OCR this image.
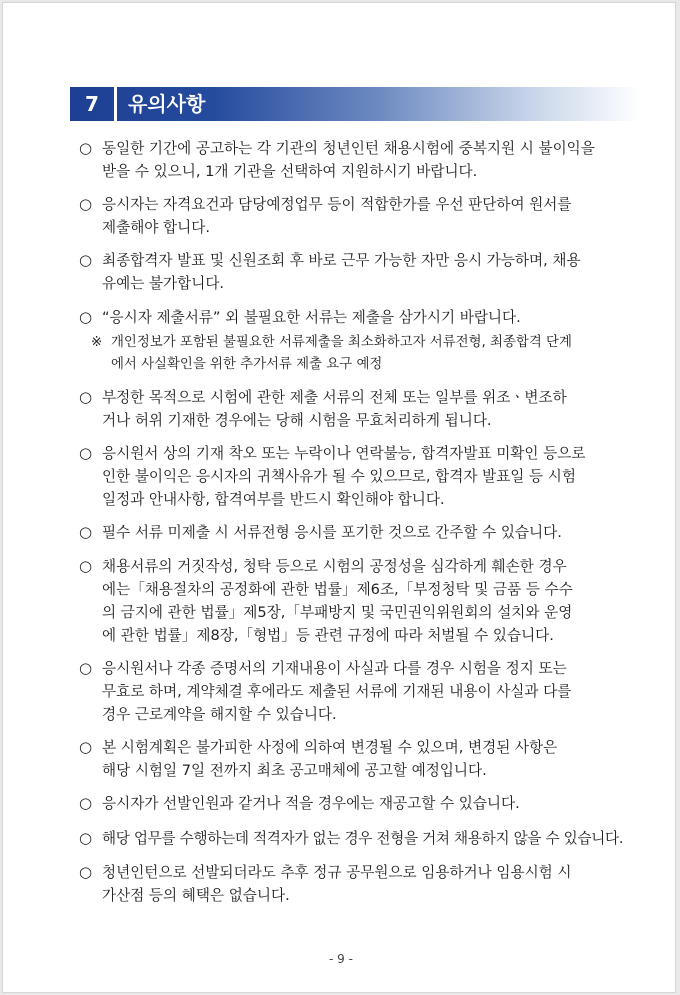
7	유의사항
○ 동일한 기간에 공고하는 각 기관의 청년인턴 채용시험에 중복지원 시 불이익을
받을 수 있으니, 1개 기관을 선택하여 지원하시기 바랍니다.
○ 응시자는 자격요건과 담당예정업무 등이 적합한가를 우선 판단하여 원서를
제출해야 합니다.
○ 최종합격자 발표 및 신원조회 후 바로 근무 가능한 자만 응시 가능하며, 채용
유예는 불가합니다.
○ “응시자 제출서류” 외 불필요한 서류는 제출을 삼가시기 바랍니다.
※ 개인정보가 포함된 불필요한 서류제출을 최소화하고자 서류전형, 최종합격 단계
에서 사실확인을 위한 추가서류 제출 요구 예정
○ 부정한 목적으로 시험에 관한 제출 서류의 전체 또는 일부를 위조ㆍ변조하
거나 허위 기재한 경우에는 당해 시험을 무효처리하게 됩니다.
○ 응시원서 상의 기재 착오 또는 누락이나 연락불능, 합격자발표 미확인 등으로
인한 불이익은 응시자의 귀책사유가 될 수 있으므로, 합격자 발표일 등 시험
일정과 안내사항, 합격여부를 반드시 확인해야 합니다.
○ 필수 서류 미제출 시 서류전형 응시를 포기한 것으로 간주할 수 있습니다.
○ 채용서류의 거짓작성, 청탁 등으로 시험의 공정성을 심각하게 훼손한 경우
에는「채용절차의 공정화에 관한 법률」제6조,「부정청탁 및 금품 등 수수
의 금지에 관한 법률」제5장,「부패방지 및 국민권익위원회의 설치와 운영
에 관한 법률」제8장,「형법」등 관련 규정에 따라 처벌될 수 있습니다.
○ 응시원서나 각종 증명서의 기재내용이 사실과 다를 경우 시험을 정지 또는
무효로 하며, 계약체결 후에라도 제출된 서류에 기재된 내용이 사실과 다를
경우 근로계약을 해지할 수 있습니다.
○ 본 시험계획은 불가피한 사정에 의하여 변경될 수 있으며, 변경된 사항은
해당 시험일 7일 전까지 최초 공고매체에 공고할 예정입니다.
○ 응시자가 선발인원과 같거나 적을 경우에는 재공고할 수 있습니다.
○ 해당 업무를 수행하는데 적격자가 없는 경우 전형을 거쳐 채용하지 않을 수 있습니다.
○ 청년인턴으로 선발되더라도 추후 정규 공무원으로 임용하거나 임용시험 시
가산점 등의 혜택은 없습니다.
- 9 -
